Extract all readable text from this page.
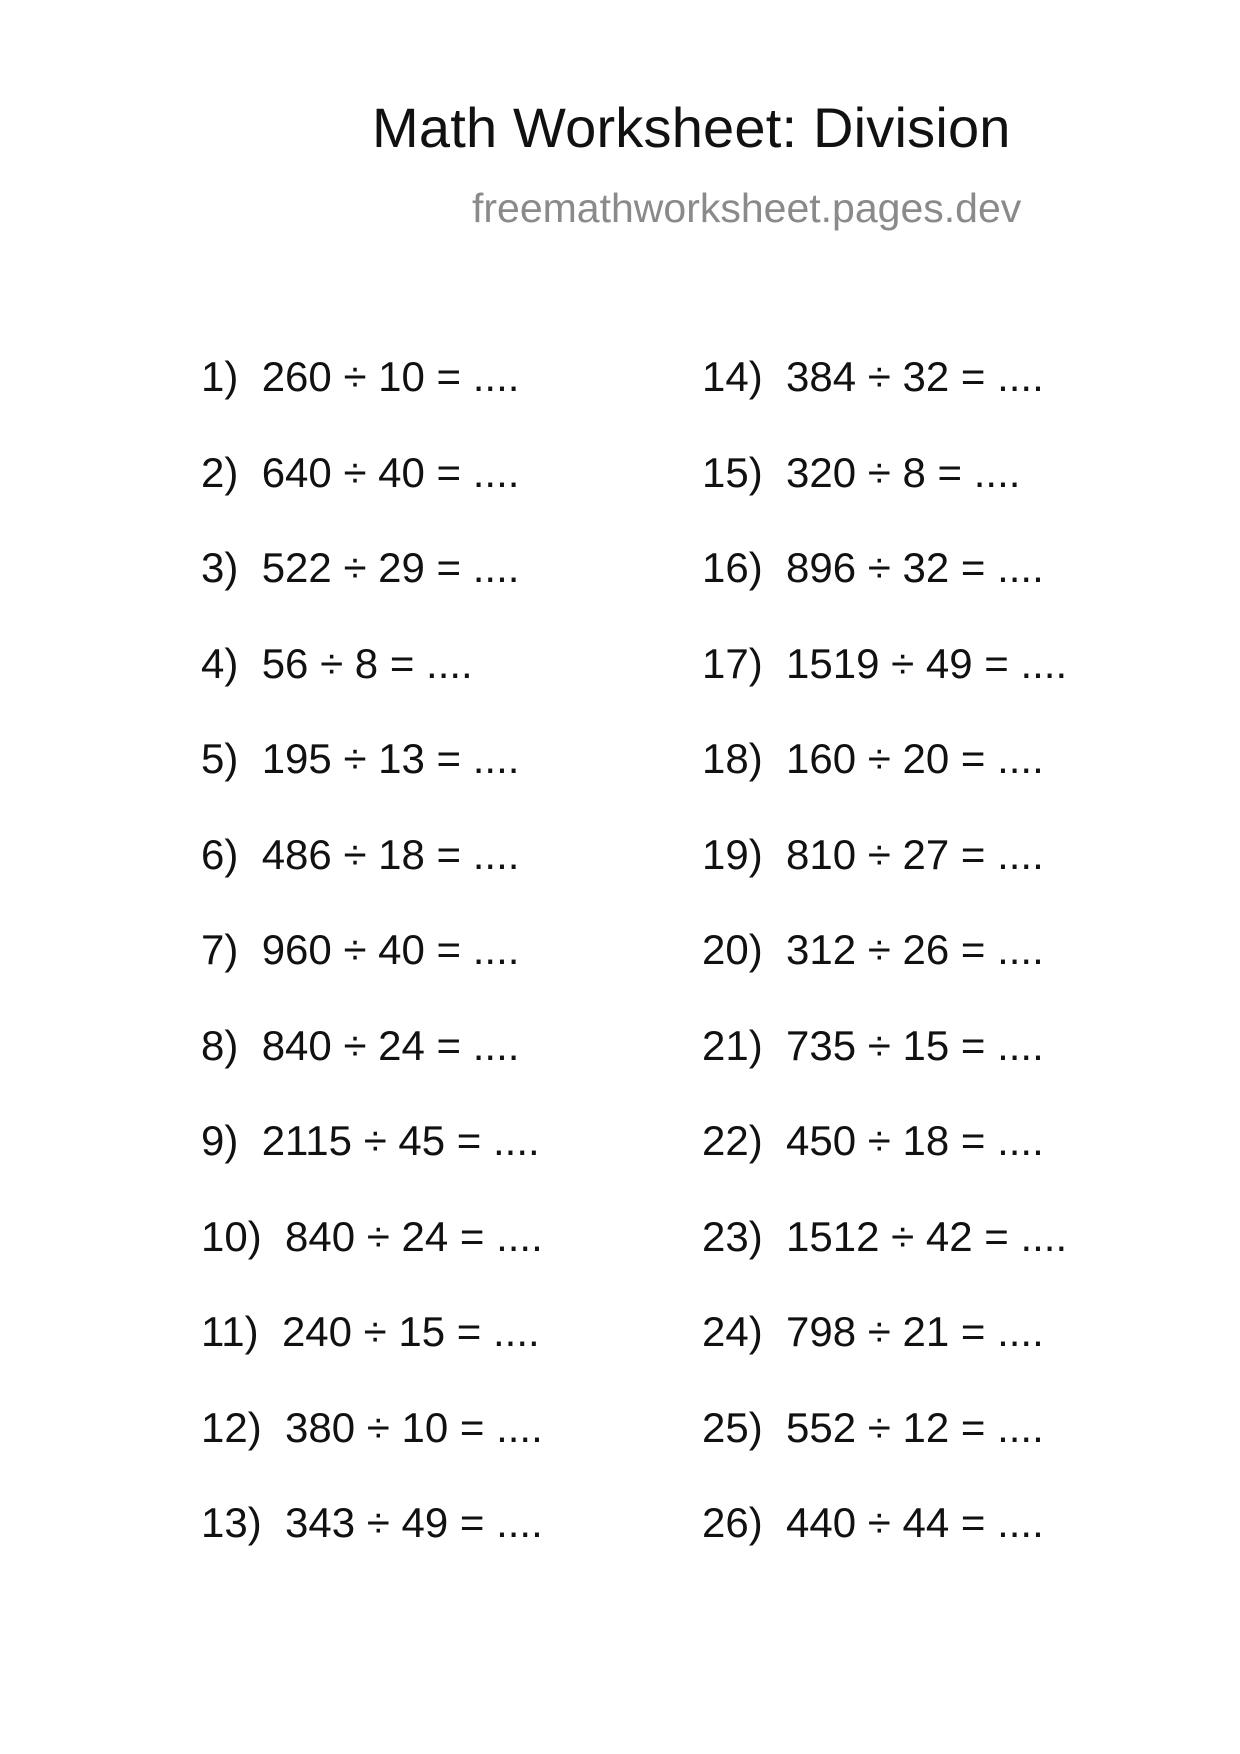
Math Worksheet: Division
freemathworksheet.pages.dev
1) 260 ÷ 10 = ....
2) 640 ÷ 40 = ....
3) 522 ÷ 29 = ....
4) 56 ÷ 8 = ....
5) 195 ÷ 13 = ....
6) 486 ÷ 18 = ....
7) 960 ÷ 40 = ....
8) 840 ÷ 24 = ....
9) 2115 ÷ 45 = ....
10) 840 ÷ 24 = ....
11) 240 ÷ 15 = ....
12) 380 ÷ 10 = ....
13) 343 ÷ 49 = ....
14) 384 ÷ 32 = ....
15) 320 ÷ 8 = ....
16) 896 ÷ 32 = ....
17) 1519 ÷ 49 = ....
18) 160 ÷ 20 = ....
19) 810 ÷ 27 = ....
20) 312 ÷ 26 = ....
21) 735 ÷ 15 = ....
22) 450 ÷ 18 = ....
23) 1512 ÷ 42 = ....
24) 798 ÷ 21 = ....
25) 552 ÷ 12 = ....
26) 440 ÷ 44 = ....
